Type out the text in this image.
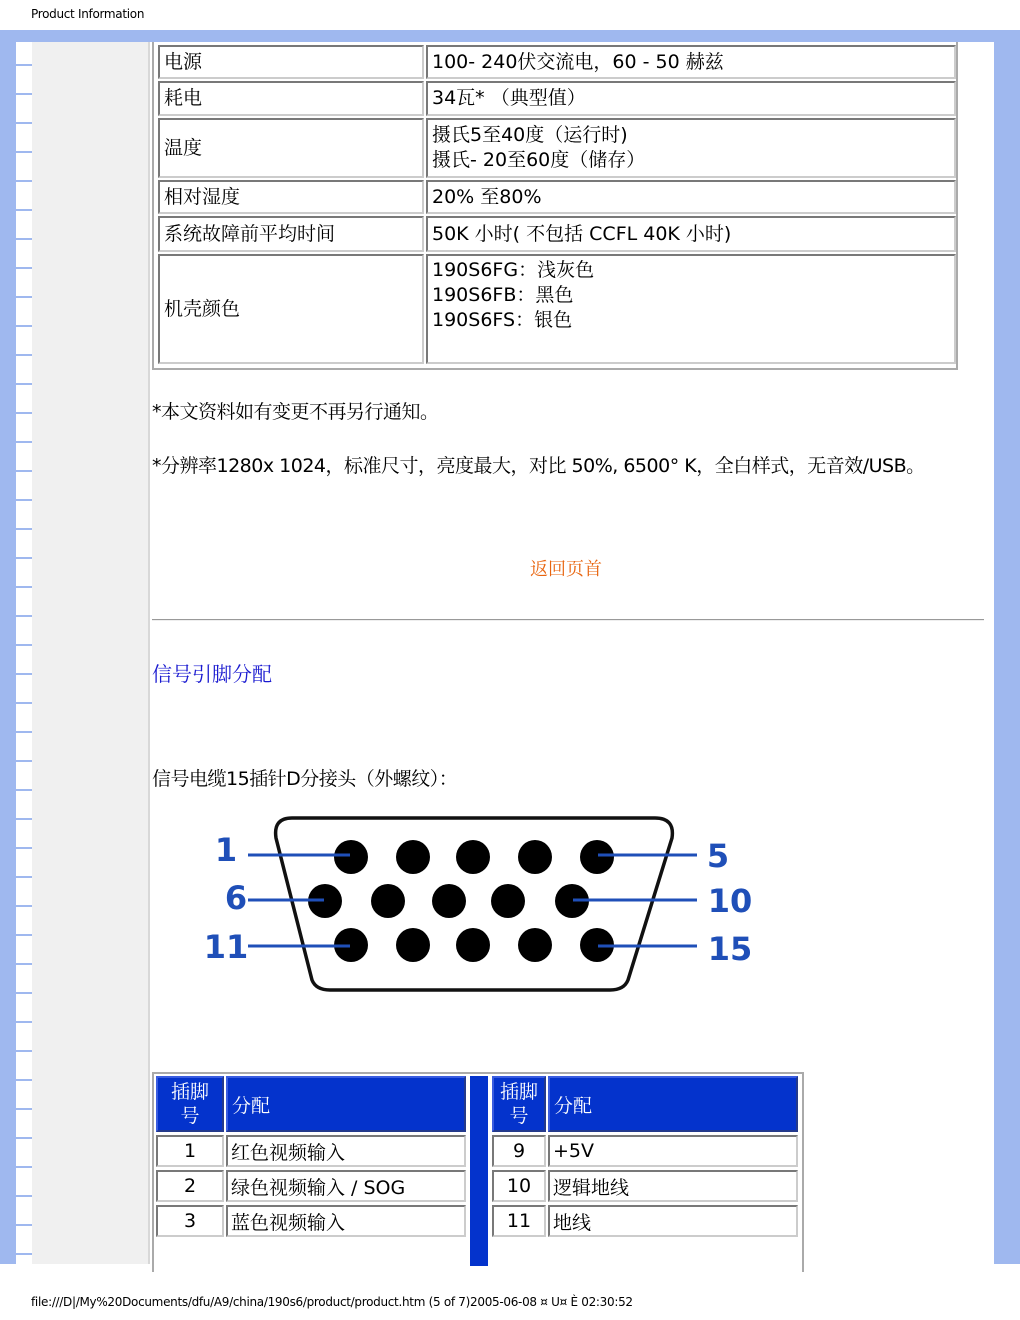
Product Information
电源	100- 240伏交流电，60 - 50 赫兹
耗电	34瓦* （典型值）
温度
摄氏5至40度（运行时)
摄氏- 20至60度（储存）
相对湿度	20% 至80%
系统故障前平均时间	50K 小时( 不包括 CCFL 40K 小时)
机壳颜色
190S6FG：浅灰色
190S6FB：黑色
190S6FS：银色
*本文资料如有变更不再另行通知。
*分辨率1280x 1024，标准尺寸，亮度最大，对比 50%, 6500° K，全白样式，无音效/USB。
返回页首
信号引脚分配
信号电缆15插针D分接头（外螺纹）：
1
6
11
5
10
15
插脚
号	分配
插脚
号	分配
1	红色视频输入
2	绿色视频输入 / SOG
3	蓝色视频输入
9	+5V
10	逻辑地线
11	地线
file:///D|/My%20Documents/dfu/A9/china/190s6/product/product.htm (5 of 7)2005-06-08 ¤ U¤ È 02:30:52
